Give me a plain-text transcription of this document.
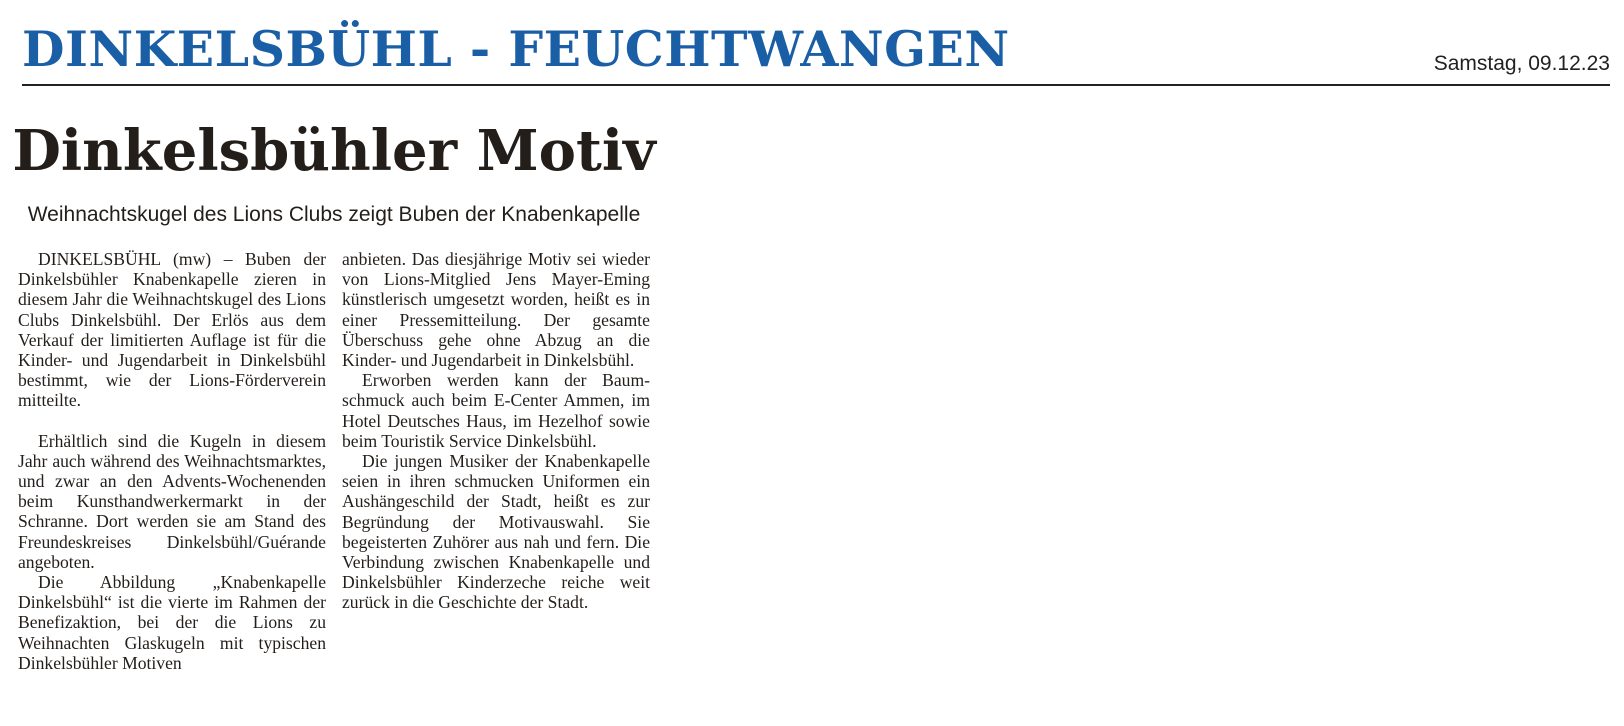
DINKELSBÜHL - FEUCHTWANGEN	Samstag, 09.12.23
Dinkelsbühler Motiv
Weihnachtskugel des Lions Clubs zeigt Buben der Knabenkapelle

DINKELSBÜHL (mw) – Buben der Dinkelsbühler Knabenkapelle zieren in diesem Jahr die Weihnachtskugel des Lions Clubs Dinkelsbühl. Der Erlös aus dem Verkauf der limitierten Auflage ist für die Kinder- und Jugendarbeit in Dinkelsbühl bestimmt, wie der Lions-Förderverein mitteilte.

Erhältlich sind die Kugeln in diesem Jahr auch während des Weihnachtsmarktes, und zwar an den Advents-Wochenenden beim Kunsthandwerkermarkt in der Schranne. Dort werden sie am Stand des Freundeskreises Dinkelsbühl/Guérande angeboten.

Die Abbildung „Knabenkapelle Dinkelsbühl“ ist die vierte im Rahmen der Benefizaktion, bei der die Lions zu Weihnachten Glaskugeln mit typischen Dinkelsbühler Motiven

anbieten. Das diesjährige Motiv sei wieder von Lions-Mitglied Jens Mayer-Eming künstlerisch umgesetzt worden, heißt es in einer Pressemitteilung. Der gesamte Überschuss gehe ohne Abzug an die Kinder- und Jugendarbeit in Dinkelsbühl.

Erworben werden kann der Baumschmuck auch beim E-Center Ammen, im Hotel Deutsches Haus, im Hezelhof sowie beim Touristik Service Dinkelsbühl.

Die jungen Musiker der Knabenkapelle seien in ihren schmucken Uniformen ein Aushängeschild der Stadt, heißt es zur Begründung der Motivauswahl. Sie begeisterten Zuhörer aus nah und fern. Die Verbindung zwischen Knabenkapelle und Dinkelsbühler Kinderzeche reiche weit zurück in die Geschichte der Stadt.
